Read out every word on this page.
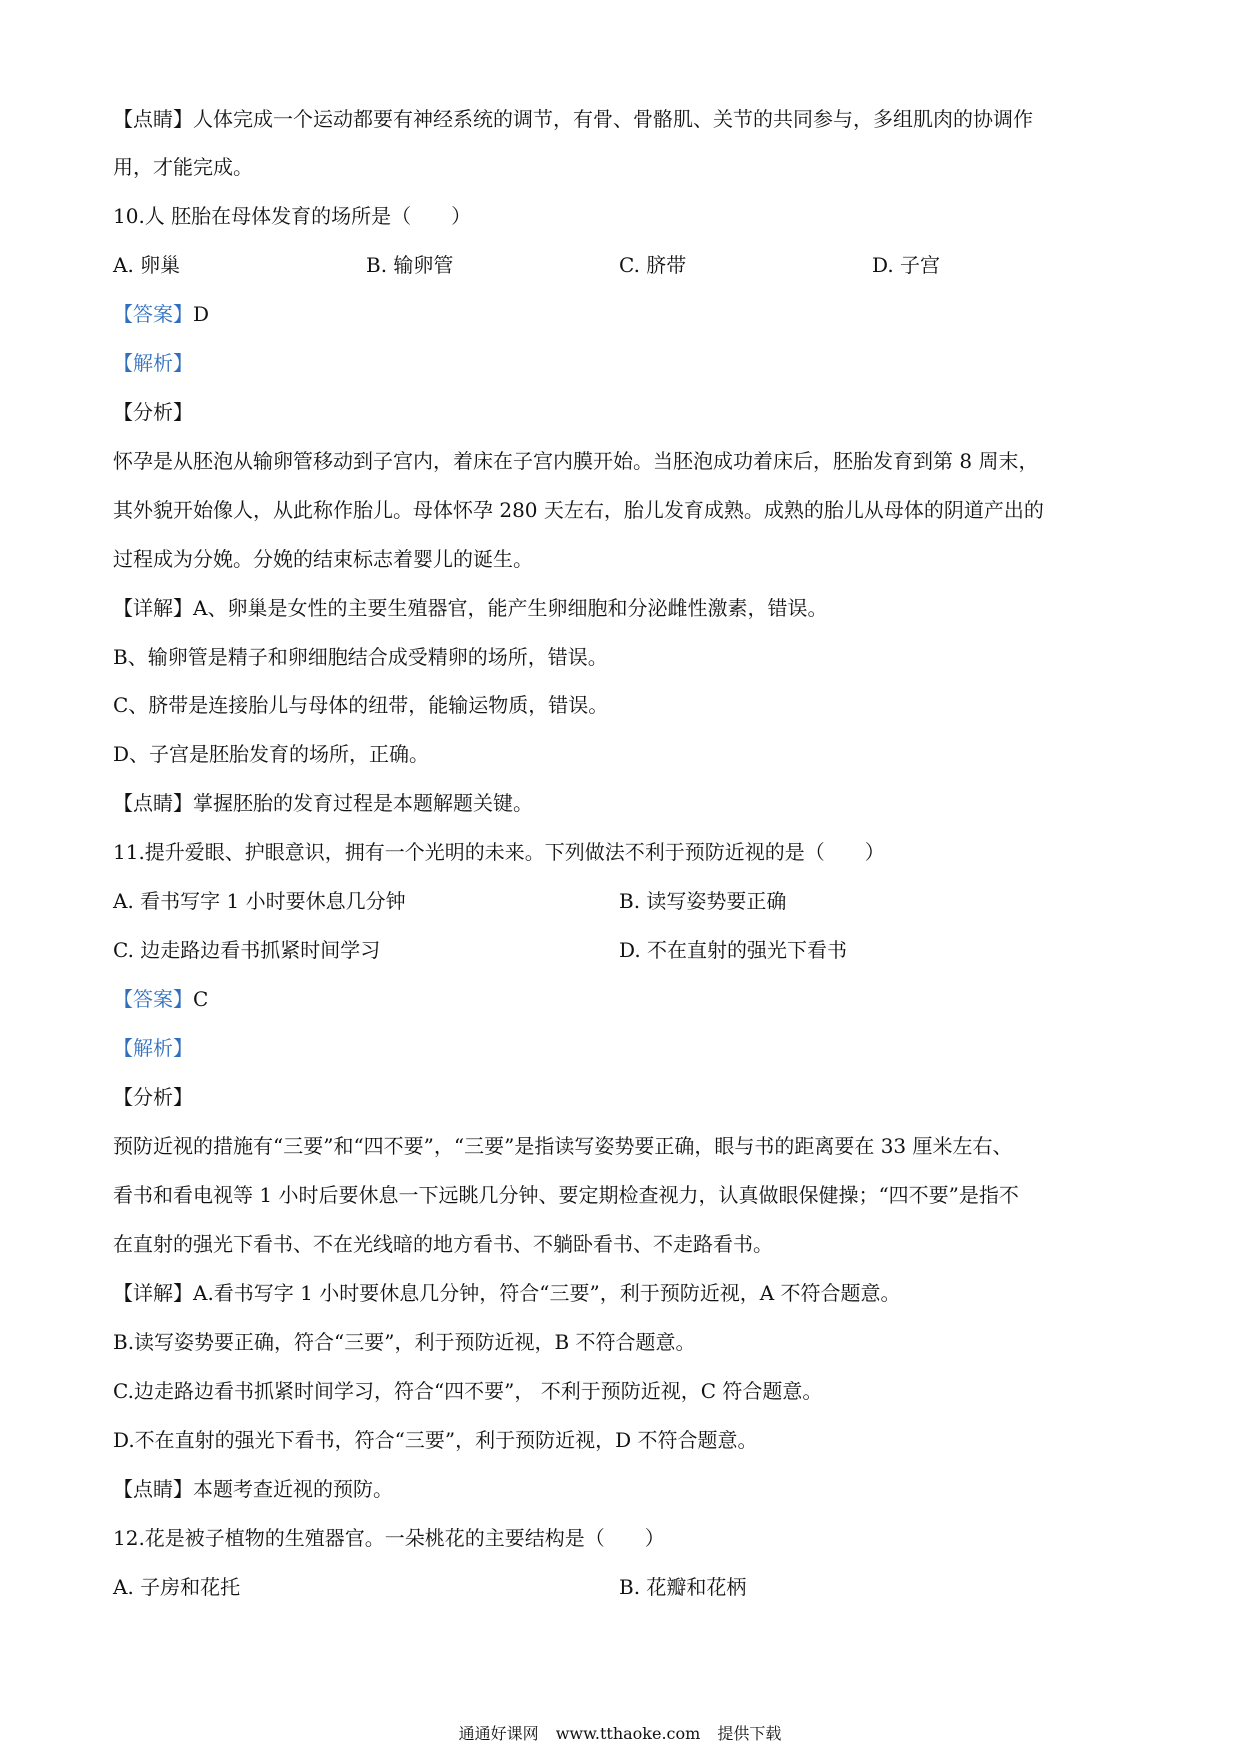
【点睛】人体完成一个运动都要有神经系统的调节，有骨、骨骼肌、关节的共同参与，多组肌肉的协调作
用，才能完成。
10.人 胚胎在母体发育的场所是（　　）
A. 卵巢	B. 输卵管	C. 脐带	D. 子宫
【答案】D
【解析】
【分析】
怀孕是从胚泡从输卵管移动到子宫内，着床在子宫内膜开始。当胚泡成功着床后，胚胎发育到第 8 周末，
其外貌开始像人，从此称作胎儿。母体怀孕 280 天左右，胎儿发育成熟。成熟的胎儿从母体的阴道产出的
过程成为分娩。分娩的结束标志着婴儿的诞生。
【详解】A、卵巢是女性的主要生殖器官，能产生卵细胞和分泌雌性激素，错误。
B、输卵管是精子和卵细胞结合成受精卵的场所，错误。
C、脐带是连接胎儿与母体的纽带，能输运物质，错误。
D、子宫是胚胎发育的场所，正确。
【点睛】掌握胚胎的发育过程是本题解题关键。
11.提升爱眼、护眼意识，拥有一个光明的未来。下列做法不利于预防近视的是（　　）
A. 看书写字 1 小时要休息几分钟	B. 读写姿势要正确
C. 边走路边看书抓紧时间学习	D. 不在直射的强光下看书
【答案】C
【解析】
【分析】
预防近视的措施有“三要”和“四不要”，“三要”是指读写姿势要正确，眼与书的距离要在 33 厘米左右、
看书和看电视等 1 小时后要休息一下远眺几分钟、要定期检查视力，认真做眼保健操；“四不要”是指不
在直射的强光下看书、不在光线暗的地方看书、不躺卧看书、不走路看书。
【详解】A.看书写字 1 小时要休息几分钟，符合“三要”，利于预防近视，A 不符合题意。
B.读写姿势要正确，符合“三要”，利于预防近视，B 不符合题意。
C.边走路边看书抓紧时间学习，符合“四不要”， 不利于预防近视，C 符合题意。
D.不在直射的强光下看书，符合“三要”，利于预防近视，D 不符合题意。
【点睛】本题考查近视的预防。
12.花是被子植物的生殖器官。一朵桃花的主要结构是（　　）
A. 子房和花托	B. 花瓣和花柄
通通好课网 www.tthaoke.com 提供下载
